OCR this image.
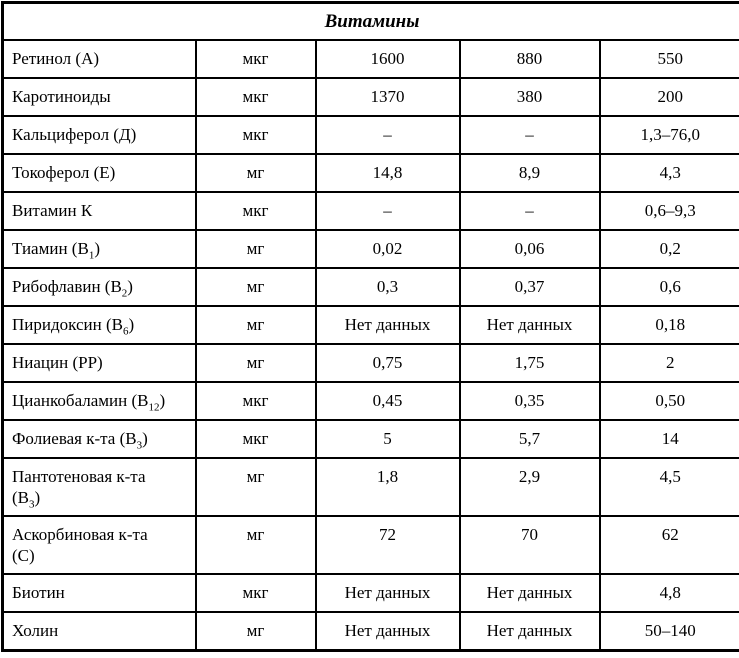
Витамины				
Ретинол (А)	мкг	1600	880	550
Каротиноиды	мкг	1370	380	200
Кальциферол (Д)	мкг	–	–	1,3–76,0
Токоферол (Е)	мг	14,8	8,9	4,3
Витамин К	мкг	–	–	0,6–9,3
Тиамин $(В_1)$	мг	0,02	0,06	0,2
Рибофлавин $(В_2)$	мг	0,3	0,37	0,6
Пиридоксин $(В_6)$	мг	Нет данных	Нет данных	0,18
Ниацин (РР)	мг	0,75	1,75	2
Цианкобаламин $(В_{12})$	мкг	0,45	0,35	0,50
Фолиевая к-та $(В_3)$	мкг	5	5,7	14
Пантотеновая к-та
$(В_3)$	мг	1,8	2,9	4,5
Аскорбиновая к-та
(С)	мг	72	70	62
Биотин	мкг	Нет данных	Нет данных	4,8
Холин	мг	Нет данных	Нет данных	50–140
